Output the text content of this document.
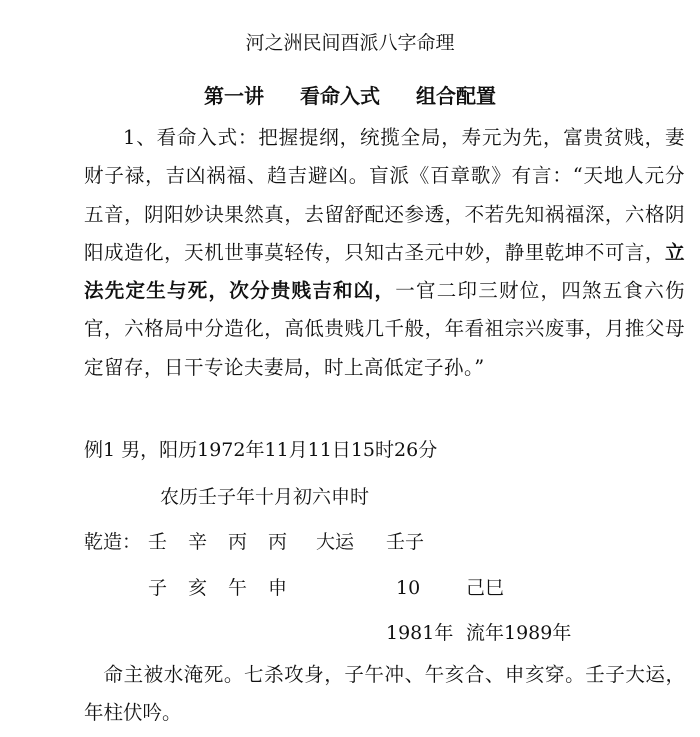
河之洲民间酉派八字命理
第一讲 看命入式 组合配置

1、看命入式：把握提纲，统揽全局，寿元为先，富贵贫贱，妻财子禄，吉凶祸福、趋吉避凶。盲派《百章歌》有言：“天地人元分五音，阴阳妙诀果然真，去留舒配还参透，不若先知祸福深，六格阴阳成造化，天机世事莫轻传，只知古圣元中妙，静里乾坤不可言，立法先定生与死，次分贵贱吉和凶，一官二印三财位，四煞五食六伤官，六格局中分造化，高低贵贱几千般，年看祖宗兴废事，月推父母定留存，日干专论夫妻局，时上高低定子孙。”

例1 男，阳历1972年11月11日15时26分
农历壬子年十月初六申时
乾造： 壬 辛 丙 丙 大运 壬子
子 亥 午 申	10 己巳
1981年 流年1989年

命主被水淹死。七杀攻身，子午冲、午亥合、申亥穿。壬子大运，年柱伏吟。
